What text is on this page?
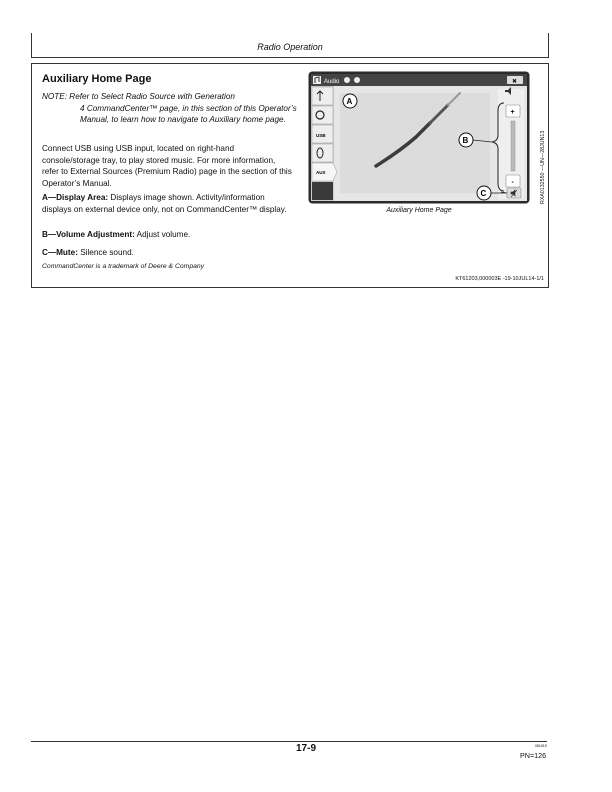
Radio Operation
Auxiliary Home Page
NOTE: Refer to Select Radio Source with Generation
4 CommandCenter™ page, in this section of this Operator’s Manual, to learn how to navigate to Auxiliary home page.
Connect USB using USB input, located on right-hand console/storage tray, to play stored music. For more information, refer to External Sources (Premium Radio) page in the section of this Operator’s Manual.
A—Display Area: Displays image shown. Activity/information displays on external device only, not on CommandCenter™ display.
B—Volume Adjustment: Adjust volume.
C—Mute: Silence sound.
CommandCenter is a trademark of Deere & Company
KT61203,000003E -19-10JUL14-1/1
Audio	✖
USB
AUX
+
-
A
B
C
Auxiliary Home Page
RXA0132550 —UN—28JUN13
17-9	081515
PN=126
